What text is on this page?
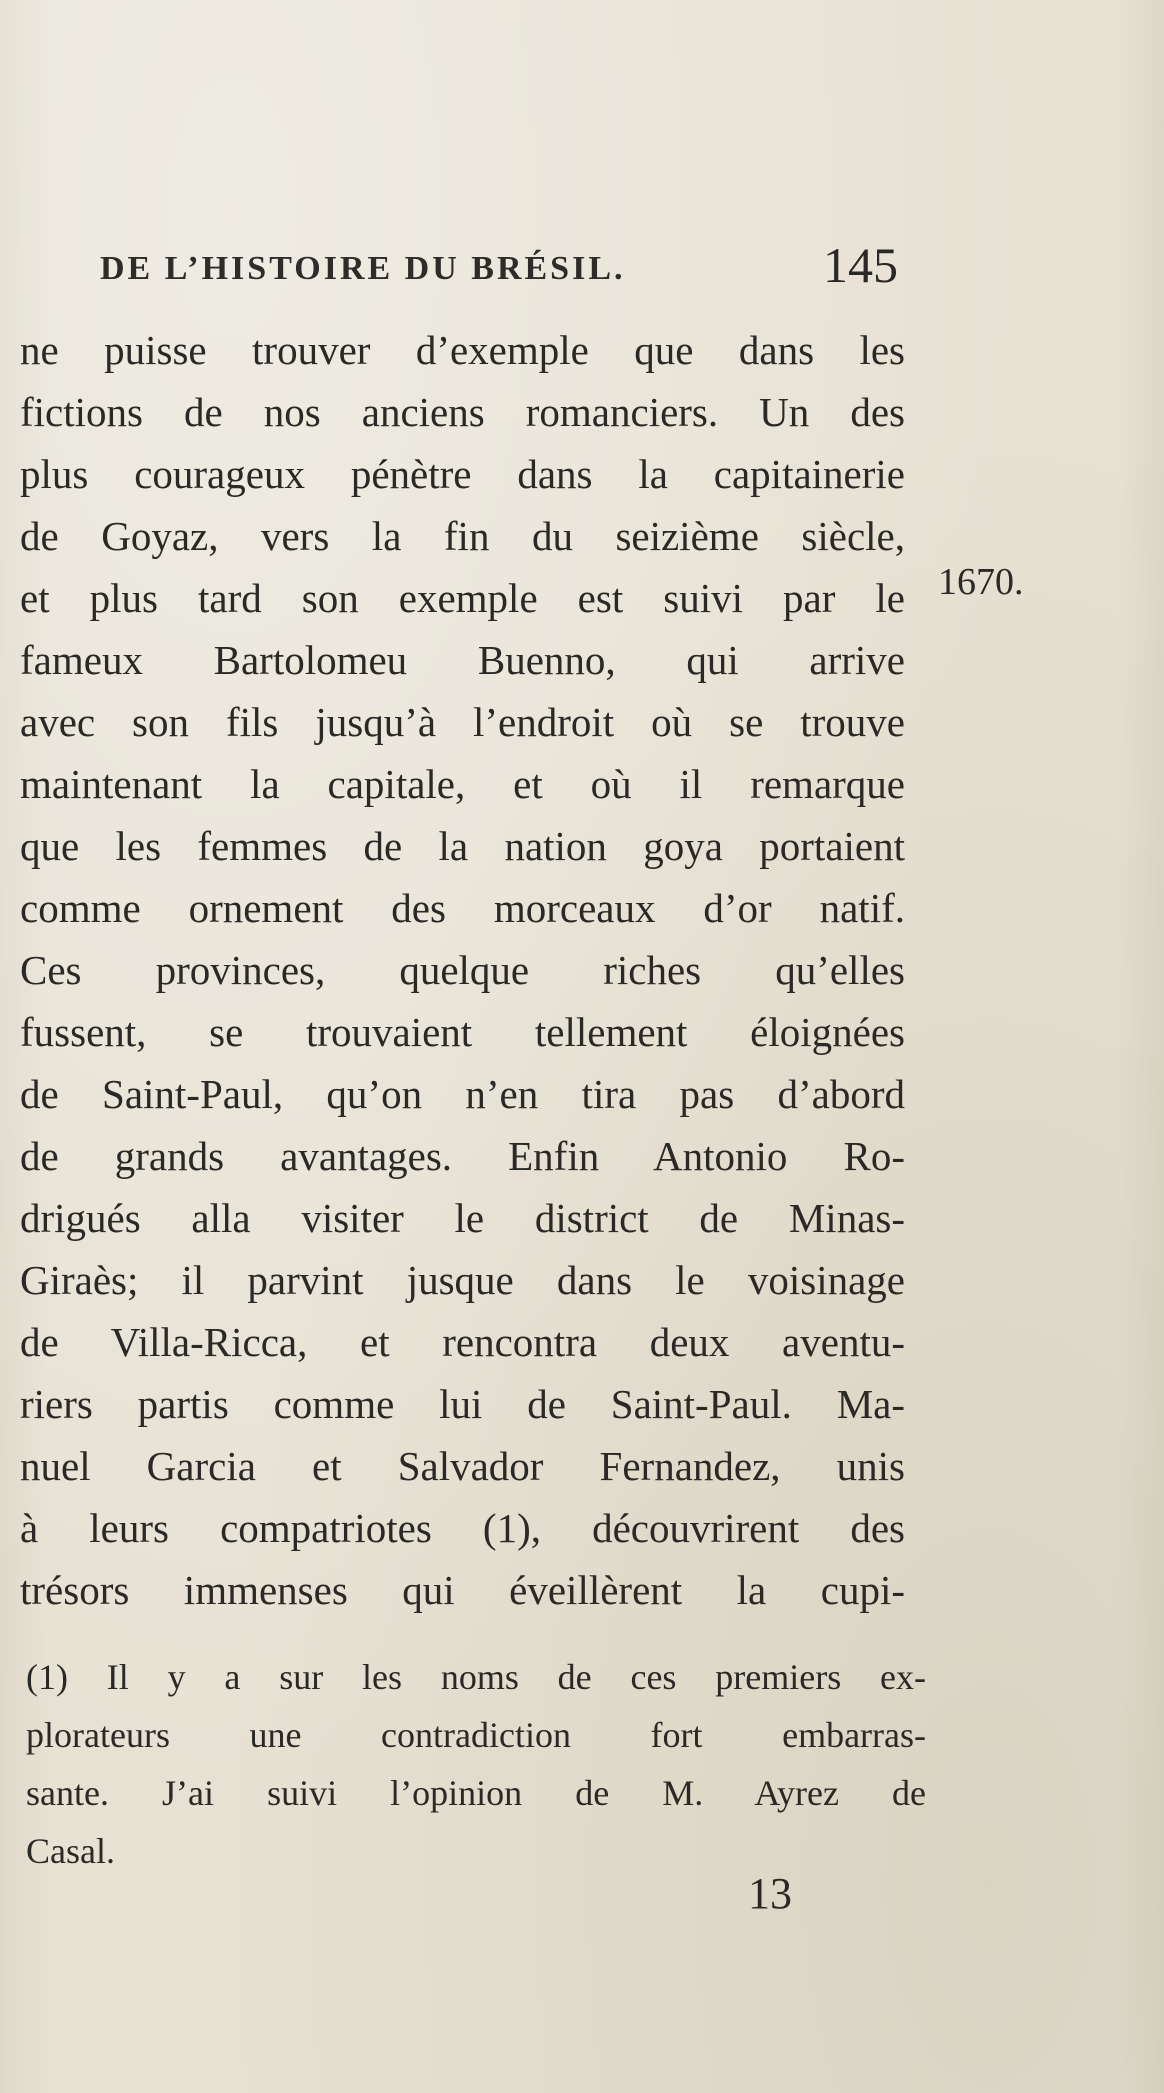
DE L’HISTOIRE DU BRÉSIL.	145
ne puisse trouver d’exemple que dans les
fictions de nos anciens romanciers. Un des
plus courageux pénètre dans la capitainerie
de Goyaz, vers la fin du seizième siècle,
et plus tard son exemple est suivi par le
fameux Bartolomeu Buenno, qui arrive
avec son fils jusqu’à l’endroit où se trouve
maintenant la capitale, et où il remarque
que les femmes de la nation goya portaient
comme ornement des morceaux d’or natif.
Ces provinces, quelque riches qu’elles
fussent, se trouvaient tellement éloignées
de Saint-Paul, qu’on n’en tira pas d’abord
de grands avantages. Enfin Antonio Ro-
drigués alla visiter le district de Minas-
Giraès; il parvint jusque dans le voisinage
de Villa-Ricca, et rencontra deux aventu-
riers partis comme lui de Saint-Paul. Ma-
nuel Garcia et Salvador Fernandez, unis
à leurs compatriotes (1), découvrirent des
trésors immenses qui éveillèrent la cupi-
1670.
(1) Il y a sur les noms de ces premiers ex-
plorateurs une contradiction fort embarras-
sante. J’ai suivi l’opinion de M. Ayrez de
Casal.
13
